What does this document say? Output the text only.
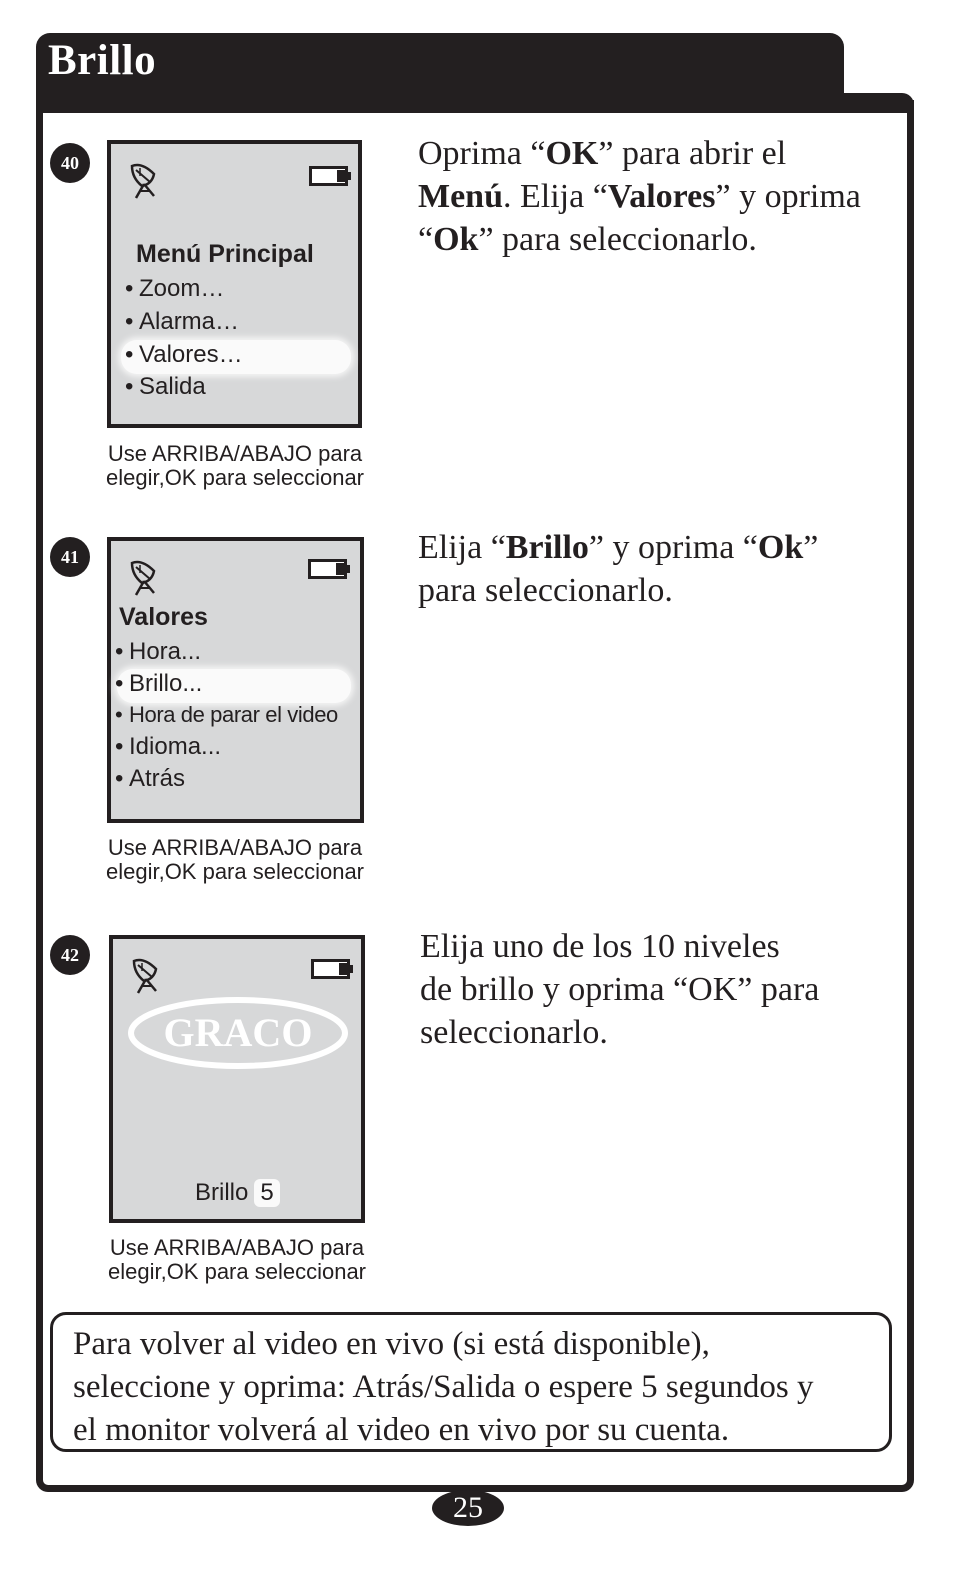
Brillo
40
Menú Principal
• Zoom…
• Alarma…
• Valores…
• Salida
Use ARRIBA/ABAJO para
elegir,OK para seleccionar
Oprima “OK” para abrir el
Menú. Elija “Valores” y oprima
“Ok” para seleccionarlo.
41
Valores
• Hora...
• Brillo...
• Hora de parar el video
• Idioma...
• Atrás
Use ARRIBA/ABAJO para
elegir,OK para seleccionar
Elija “Brillo” y oprima “Ok”
para seleccionarlo.
42
GRACO
Brillo 5
Use ARRIBA/ABAJO para
elegir,OK para seleccionar
Elija uno de los 10 niveles
de brillo y oprima “OK” para
seleccionarlo.
Para volver al video en vivo (si está disponible),
seleccione y oprima: Atrás/Salida o espere 5 segundos y
el monitor volverá al video en vivo por su cuenta.
25
